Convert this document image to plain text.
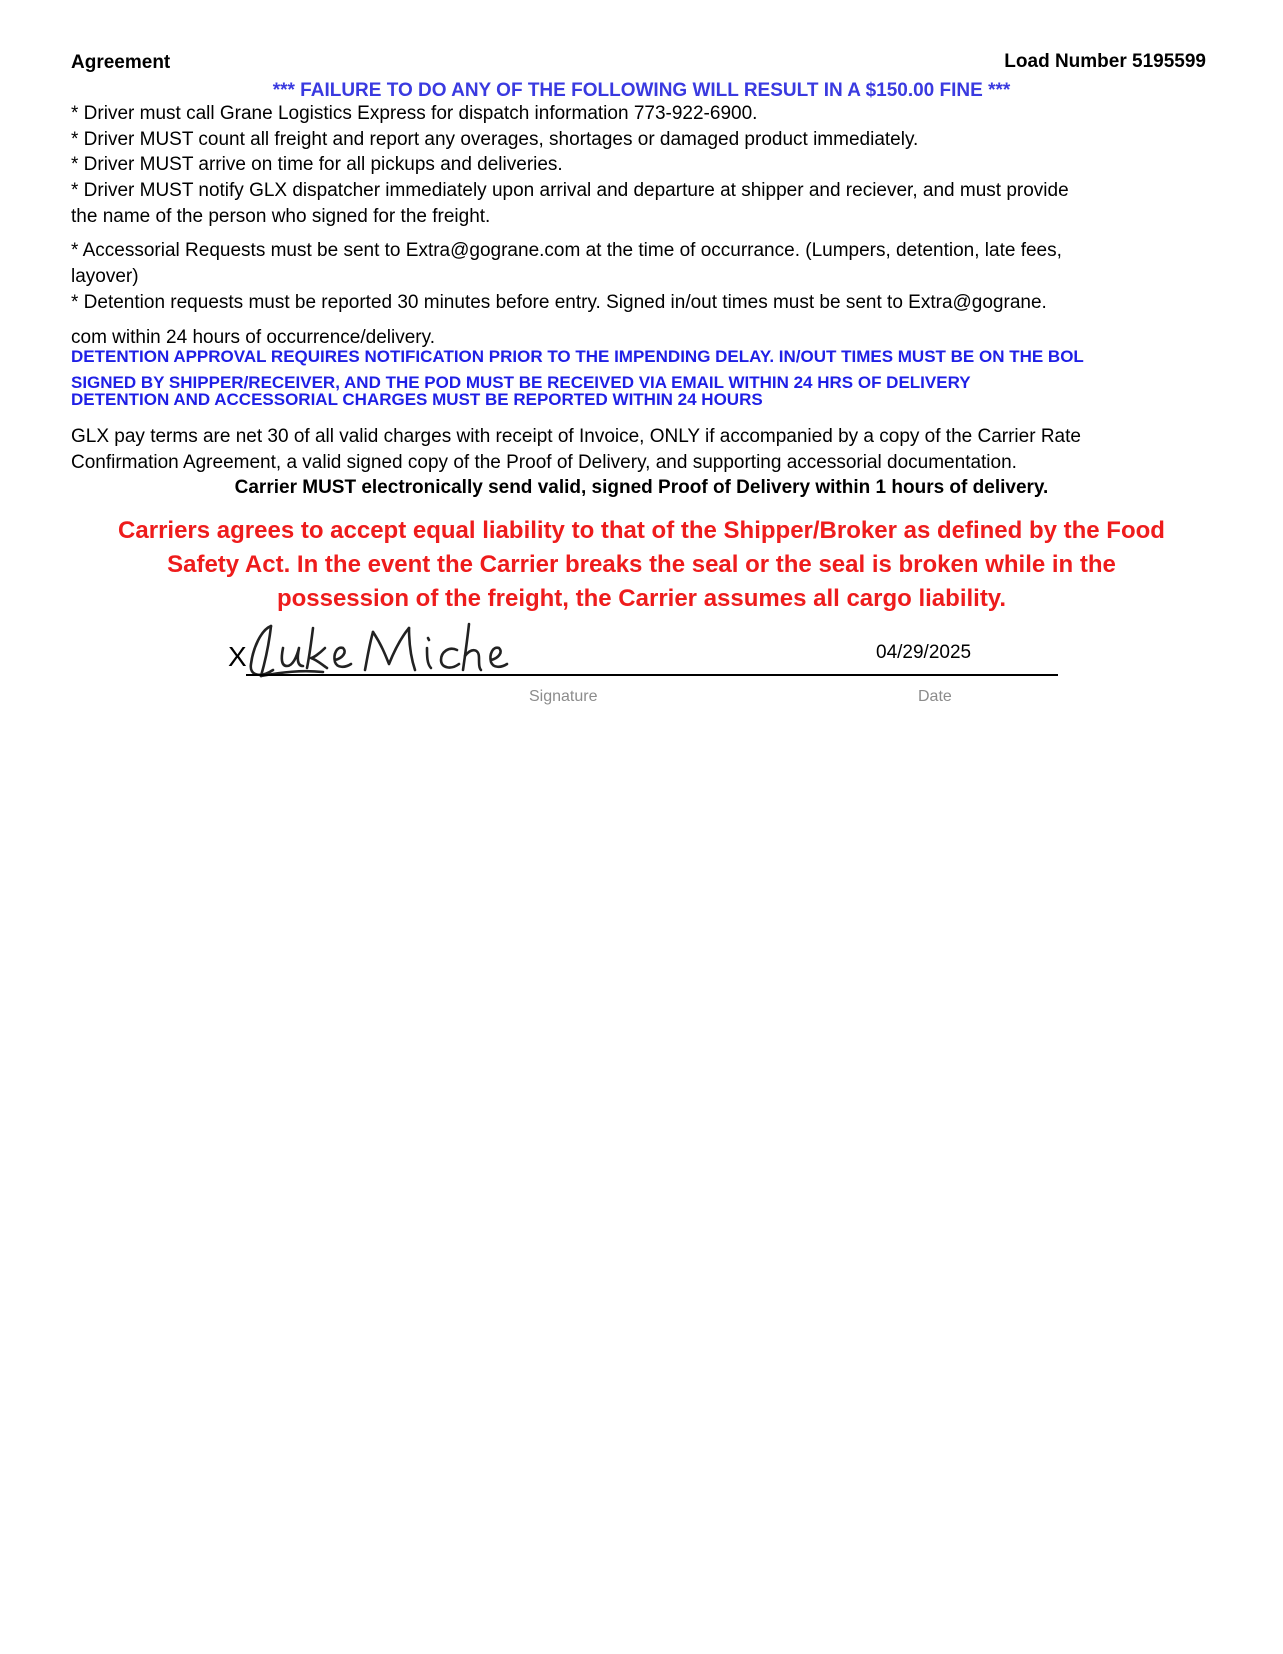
Agreement	Load Number 5195599
*** FAILURE TO DO ANY OF THE FOLLOWING WILL RESULT IN A $150.00 FINE ***
* Driver must call Grane Logistics Express for dispatch information 773-922-6900.
* Driver MUST count all freight and report any overages, shortages or damaged product immediately.
* Driver MUST arrive on time for all pickups and deliveries.
* Driver MUST notify GLX dispatcher immediately upon arrival and departure at shipper and reciever, and must provide
the name of the person who signed for the freight.
* Accessorial Requests must be sent to Extra@gograne.com at the time of occurrance. (Lumpers, detention, late fees,
layover)
* Detention requests must be reported 30 minutes before entry. Signed in/out times must be sent to Extra@gograne.
com within 24 hours of occurrence/delivery.
DETENTION APPROVAL REQUIRES NOTIFICATION PRIOR TO THE IMPENDING DELAY. IN/OUT TIMES MUST BE ON THE BOL
SIGNED BY SHIPPER/RECEIVER, AND THE POD MUST BE RECEIVED VIA EMAIL WITHIN 24 HRS OF DELIVERY
DETENTION AND ACCESSORIAL CHARGES MUST BE REPORTED WITHIN 24 HOURS
GLX pay terms are net 30 of all valid charges with receipt of Invoice, ONLY if accompanied by a copy of the Carrier Rate
Confirmation Agreement, a valid signed copy of the Proof of Delivery, and supporting accessorial documentation.
Carrier MUST electronically send valid, signed Proof of Delivery within 1 hours of delivery.
Carriers agrees to accept equal liability to that of the Shipper/Broker as defined by the Food
Safety Act. In the event the Carrier breaks the seal or the seal is broken while in the
possession of the freight, the Carrier assumes all cargo liability.
X	04/29/2025
Signature	Date
